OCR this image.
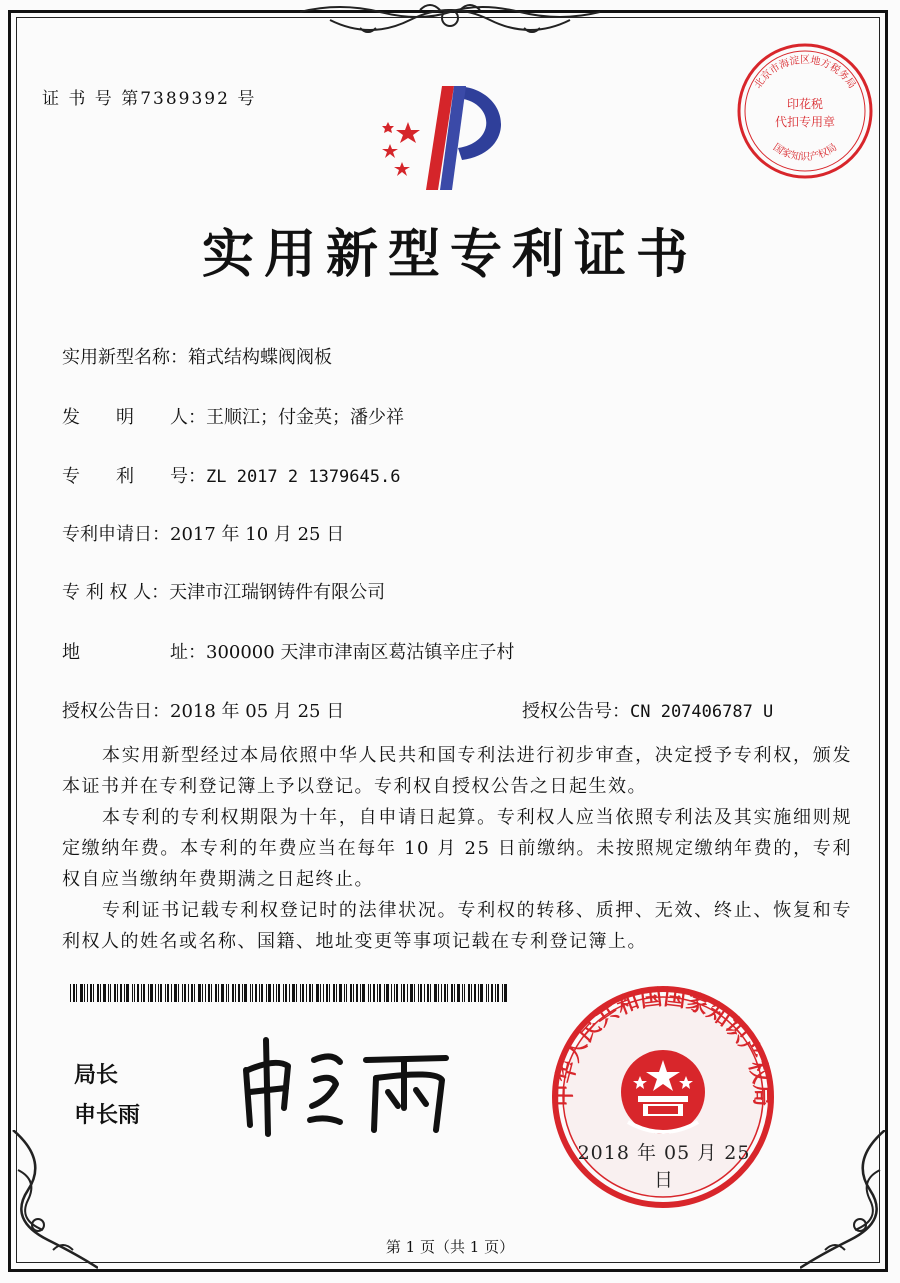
证 书 号 第7389392 号
北京市海淀区地方税务局
国家知识产权局
印花税
代扣专用章
实用新型专利证书
实用新型名称：箱式结构蝶阀阀板
发　　明　　人：王顺江；付金英；潘少祥
专　　利　　号：ZL 2017 2 1379645.6
专利申请日：2017 年 10 月 25 日
专 利 权 人：天津市江瑞钢铸件有限公司
地　　　　　址：300000 天津市津南区葛沽镇辛庄子村
授权公告日：2018 年 05 月 25 日	授权公告号：CN 207406787 U
本实用新型经过本局依照中华人民共和国专利法进行初步审查，决定授予专利权，颁发本证书并在专利登记簿上予以登记。专利权自授权公告之日起生效。
本专利的专利权期限为十年，自申请日起算。专利权人应当依照专利法及其实施细则规定缴纳年费。本专利的年费应当在每年 10 月 25 日前缴纳。未按照规定缴纳年费的，专利权自应当缴纳年费期满之日起终止。
专利证书记载专利权登记时的法律状况。专利权的转移、质押、无效、终止、恢复和专利权人的姓名或名称、国籍、地址变更等事项记载在专利登记簿上。
局长
申长雨
中华人民共和国国家知识产权局
2018 年 05 月 25 日
第 1 页（共 1 页）
